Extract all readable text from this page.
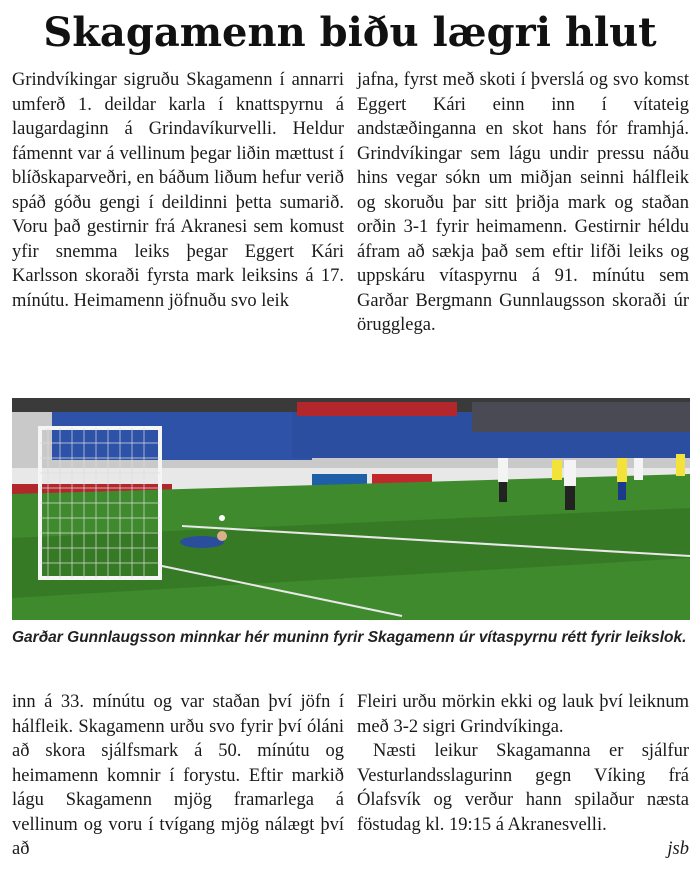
Skagamenn biðu lægri hlut

Grindvíkingar sigruðu Skagamenn í annarri umferð 1. deildar karla í knattspyrnu á laugardaginn á Grindavíkurvelli. Heldur fámennt var á vellinum þegar liðin mættust í blíðskaparveðri, en báðum liðum hefur verið spáð góðu gengi í deildinni þetta sumarið. Voru það gestirnir frá Akranesi sem komust yfir snemma leiks þegar Eggert Kári Karlsson skoraði fyrsta mark leiksins á 17. mínútu. Heimamenn jöfnuðu svo leik

jafna, fyrst með skoti í þverslá og svo komst Eggert Kári einn inn í vítateig andstæðinganna en skot hans fór framhjá. Grindvíkingar sem lágu undir pressu náðu hins vegar sókn um miðjan seinni hálfleik og skoruðu þar sitt þriðja mark og staðan orðin 3-1 fyrir heimamenn. Gestirnir héldu áfram að sækja það sem eftir lifði leiks og uppskáru vítaspyrnu á 91. mínútu sem Garðar Bergmann Gunnlaugsson skoraði úr örugglega.

Garðar Gunnlaugsson minnkar hér muninn fyrir Skagamenn úr vítaspyrnu rétt fyrir leikslok.

inn á 33. mínútu og var staðan því jöfn í hálfleik. Skagamenn urðu svo fyrir því óláni að skora sjálfsmark á 50. mínútu og heimamenn komnir í forystu. Eftir markið lágu Skagamenn mjög framarlega á vellinum og voru í tvígang mjög nálægt því að

Fleiri urðu mörkin ekki og lauk því leiknum með 3-2 sigri Grindvíkinga.

Næsti leikur Skagamanna er sjálfur Vesturlandsslagurinn gegn Víking frá Ólafsvík og verður hann spilaður næsta föstudag kl. 19:15 á Akranesvelli.

jsb
